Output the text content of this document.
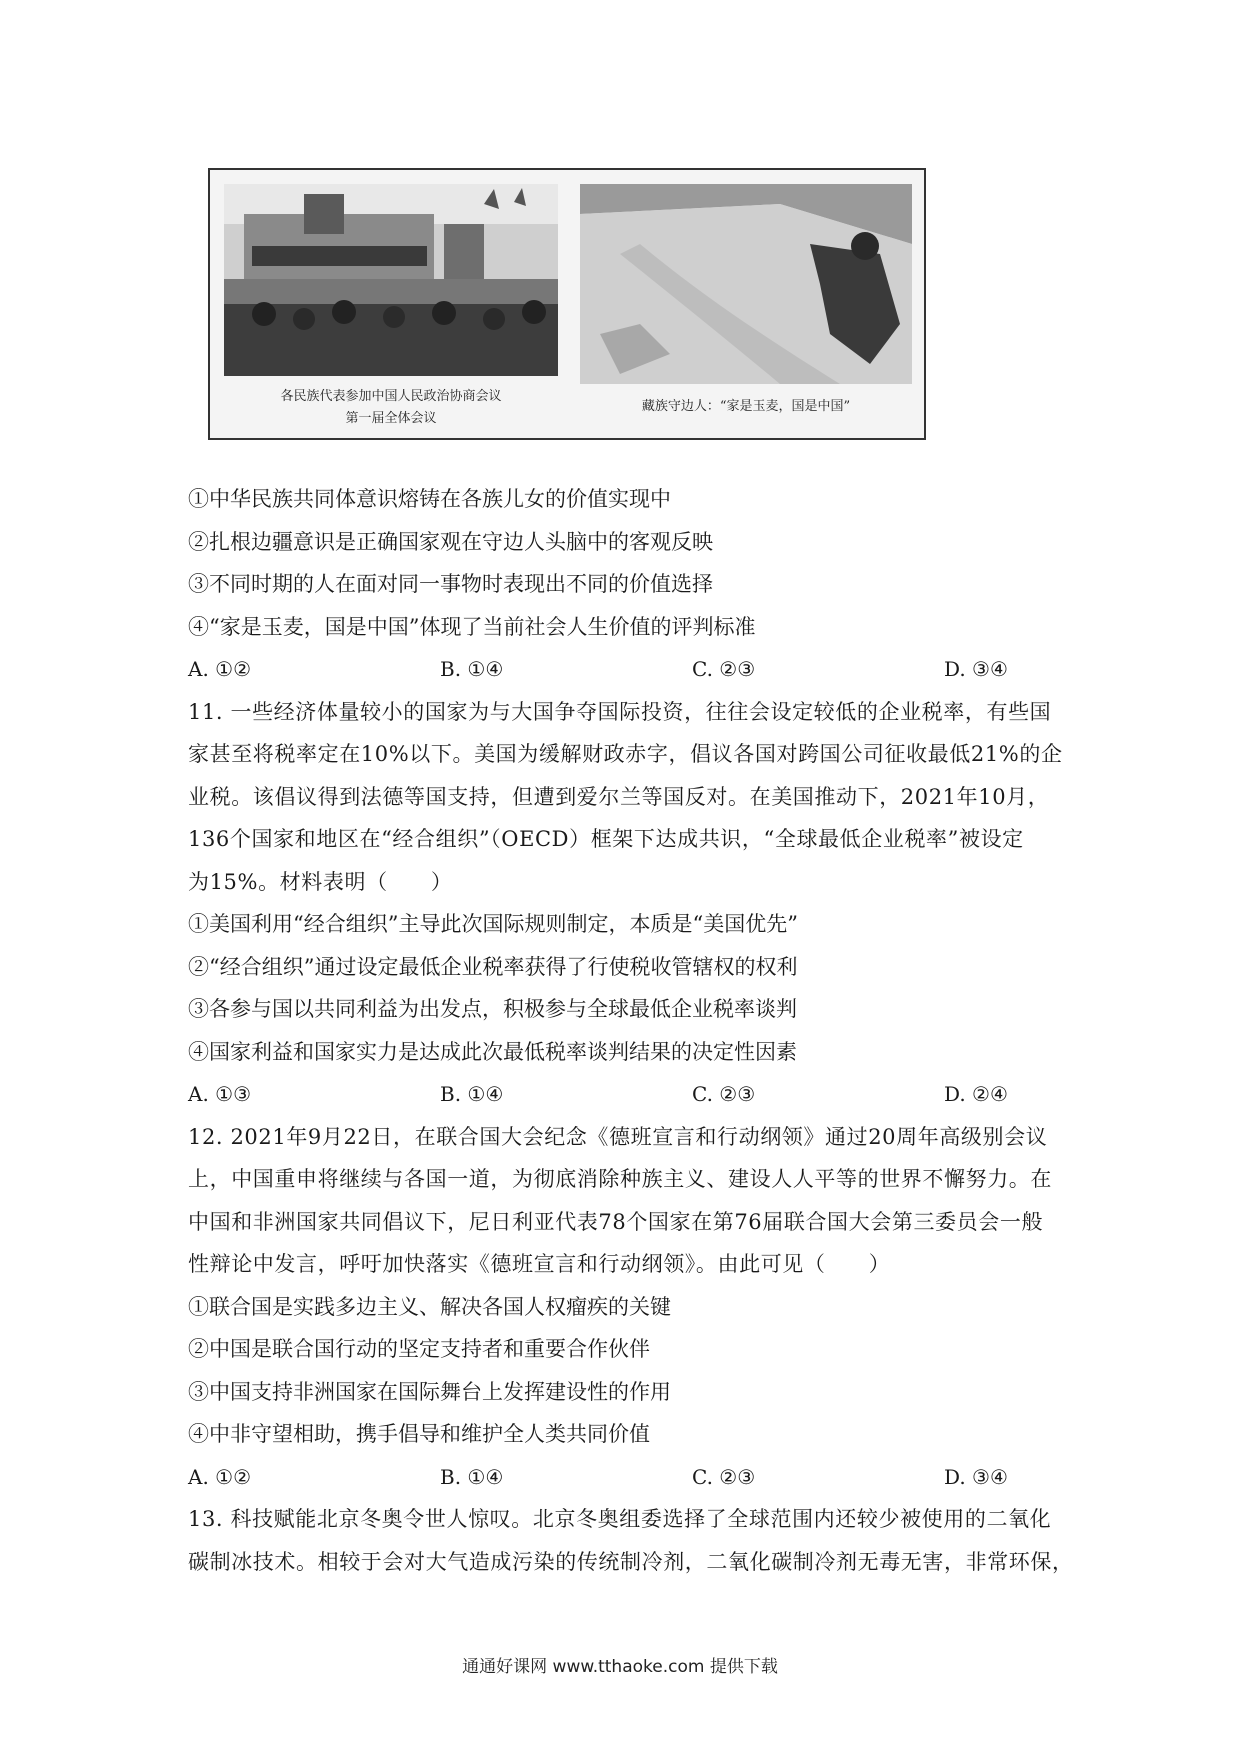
各民族代表参加中国人民政治协商会议
第一届全体会议
藏族守边人：“家是玉麦，国是中国”
①中华民族共同体意识熔铸在各族儿女的价值实现中
②扎根边疆意识是正确国家观在守边人头脑中的客观反映
③不同时期的人在面对同一事物时表现出不同的价值选择
④“家是玉麦，国是中国”体现了当前社会人生价值的评判标准
A. ①②	B. ①④	C. ②③	D. ③④
11. 一些经济体量较小的国家为与大国争夺国际投资，往往会设定较低的企业税率，有些国
家甚至将税率定在10%以下。美国为缓解财政赤字，倡议各国对跨国公司征收最低21%的企
业税。该倡议得到法德等国支持，但遭到爱尔兰等国反对。在美国推动下，2021年10月，
136个国家和地区在“经合组织”（OECD）框架下达成共识，“全球最低企业税率”被设定
为15%。材料表明（　　）
①美国利用“经合组织”主导此次国际规则制定，本质是“美国优先”
②“经合组织”通过设定最低企业税率获得了行使税收管辖权的权利
③各参与国以共同利益为出发点，积极参与全球最低企业税率谈判
④国家利益和国家实力是达成此次最低税率谈判结果的决定性因素
A. ①③	B. ①④	C. ②③	D. ②④
12. 2021年9月22日，在联合国大会纪念《德班宣言和行动纲领》通过20周年高级别会议
上，中国重申将继续与各国一道，为彻底消除种族主义、建设人人平等的世界不懈努力。在
中国和非洲国家共同倡议下，尼日利亚代表78个国家在第76届联合国大会第三委员会一般
性辩论中发言，呼吁加快落实《德班宣言和行动纲领》。由此可见（　　）
①联合国是实践多边主义、解决各国人权瘤疾的关键
②中国是联合国行动的坚定支持者和重要合作伙伴
③中国支持非洲国家在国际舞台上发挥建设性的作用
④中非守望相助，携手倡导和维护全人类共同价值
A. ①②	B. ①④	C. ②③	D. ③④
13. 科技赋能北京冬奥令世人惊叹。北京冬奥组委选择了全球范围内还较少被使用的二氧化
碳制冰技术。相较于会对大气造成污染的传统制冷剂，二氧化碳制冷剂无毒无害，非常环保，
通通好课网 www.tthaoke.com 提供下载
